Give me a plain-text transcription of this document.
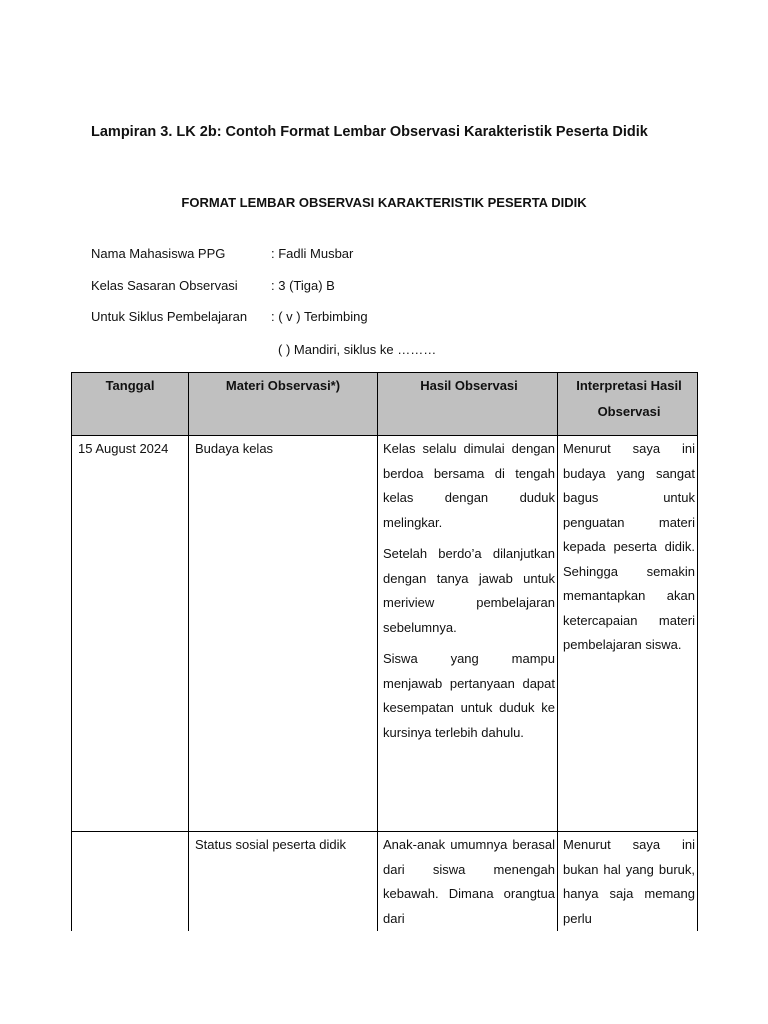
Lampiran 3. LK 2b: Contoh Format Lembar Observasi Karakteristik Peserta Didik
FORMAT LEMBAR OBSERVASI KARAKTERISTIK PESERTA DIDIK
Nama Mahasiswa PPG	: Fadli Musbar
Kelas Sasaran Observasi	: 3 (Tiga) B
Untuk Siklus Pembelajaran : ( v ) Terbimbing
( ) Mandiri, siklus ke ………
Tanggal	Materi Observasi*)	Hasil Observasi	Interpretasi Hasil Observasi
15 August 2024	Budaya kelas	Kelas selalu dimulai dengan berdoa bersama di tengah kelas dengan duduk melingkar.

Setelah berdo’a dilanjutkan dengan tanya jawab untuk meriview pembelajaran sebelumnya.

Siswa yang mampu menjawab pertanyaan dapat kesempatan untuk duduk ke kursinya terlebih dahulu.	Menurut saya ini budaya yang sangat bagus untuk penguatan materi kepada peserta didik. Sehingga semakin memantapkan akan ketercapaian materi pembelajaran siswa.
	Status sosial peserta didik	Anak-anak umumnya berasal dari siswa menengah kebawah. Dimana orangtua dari	Menurut saya ini bukan hal yang buruk, hanya saja memang perlu
